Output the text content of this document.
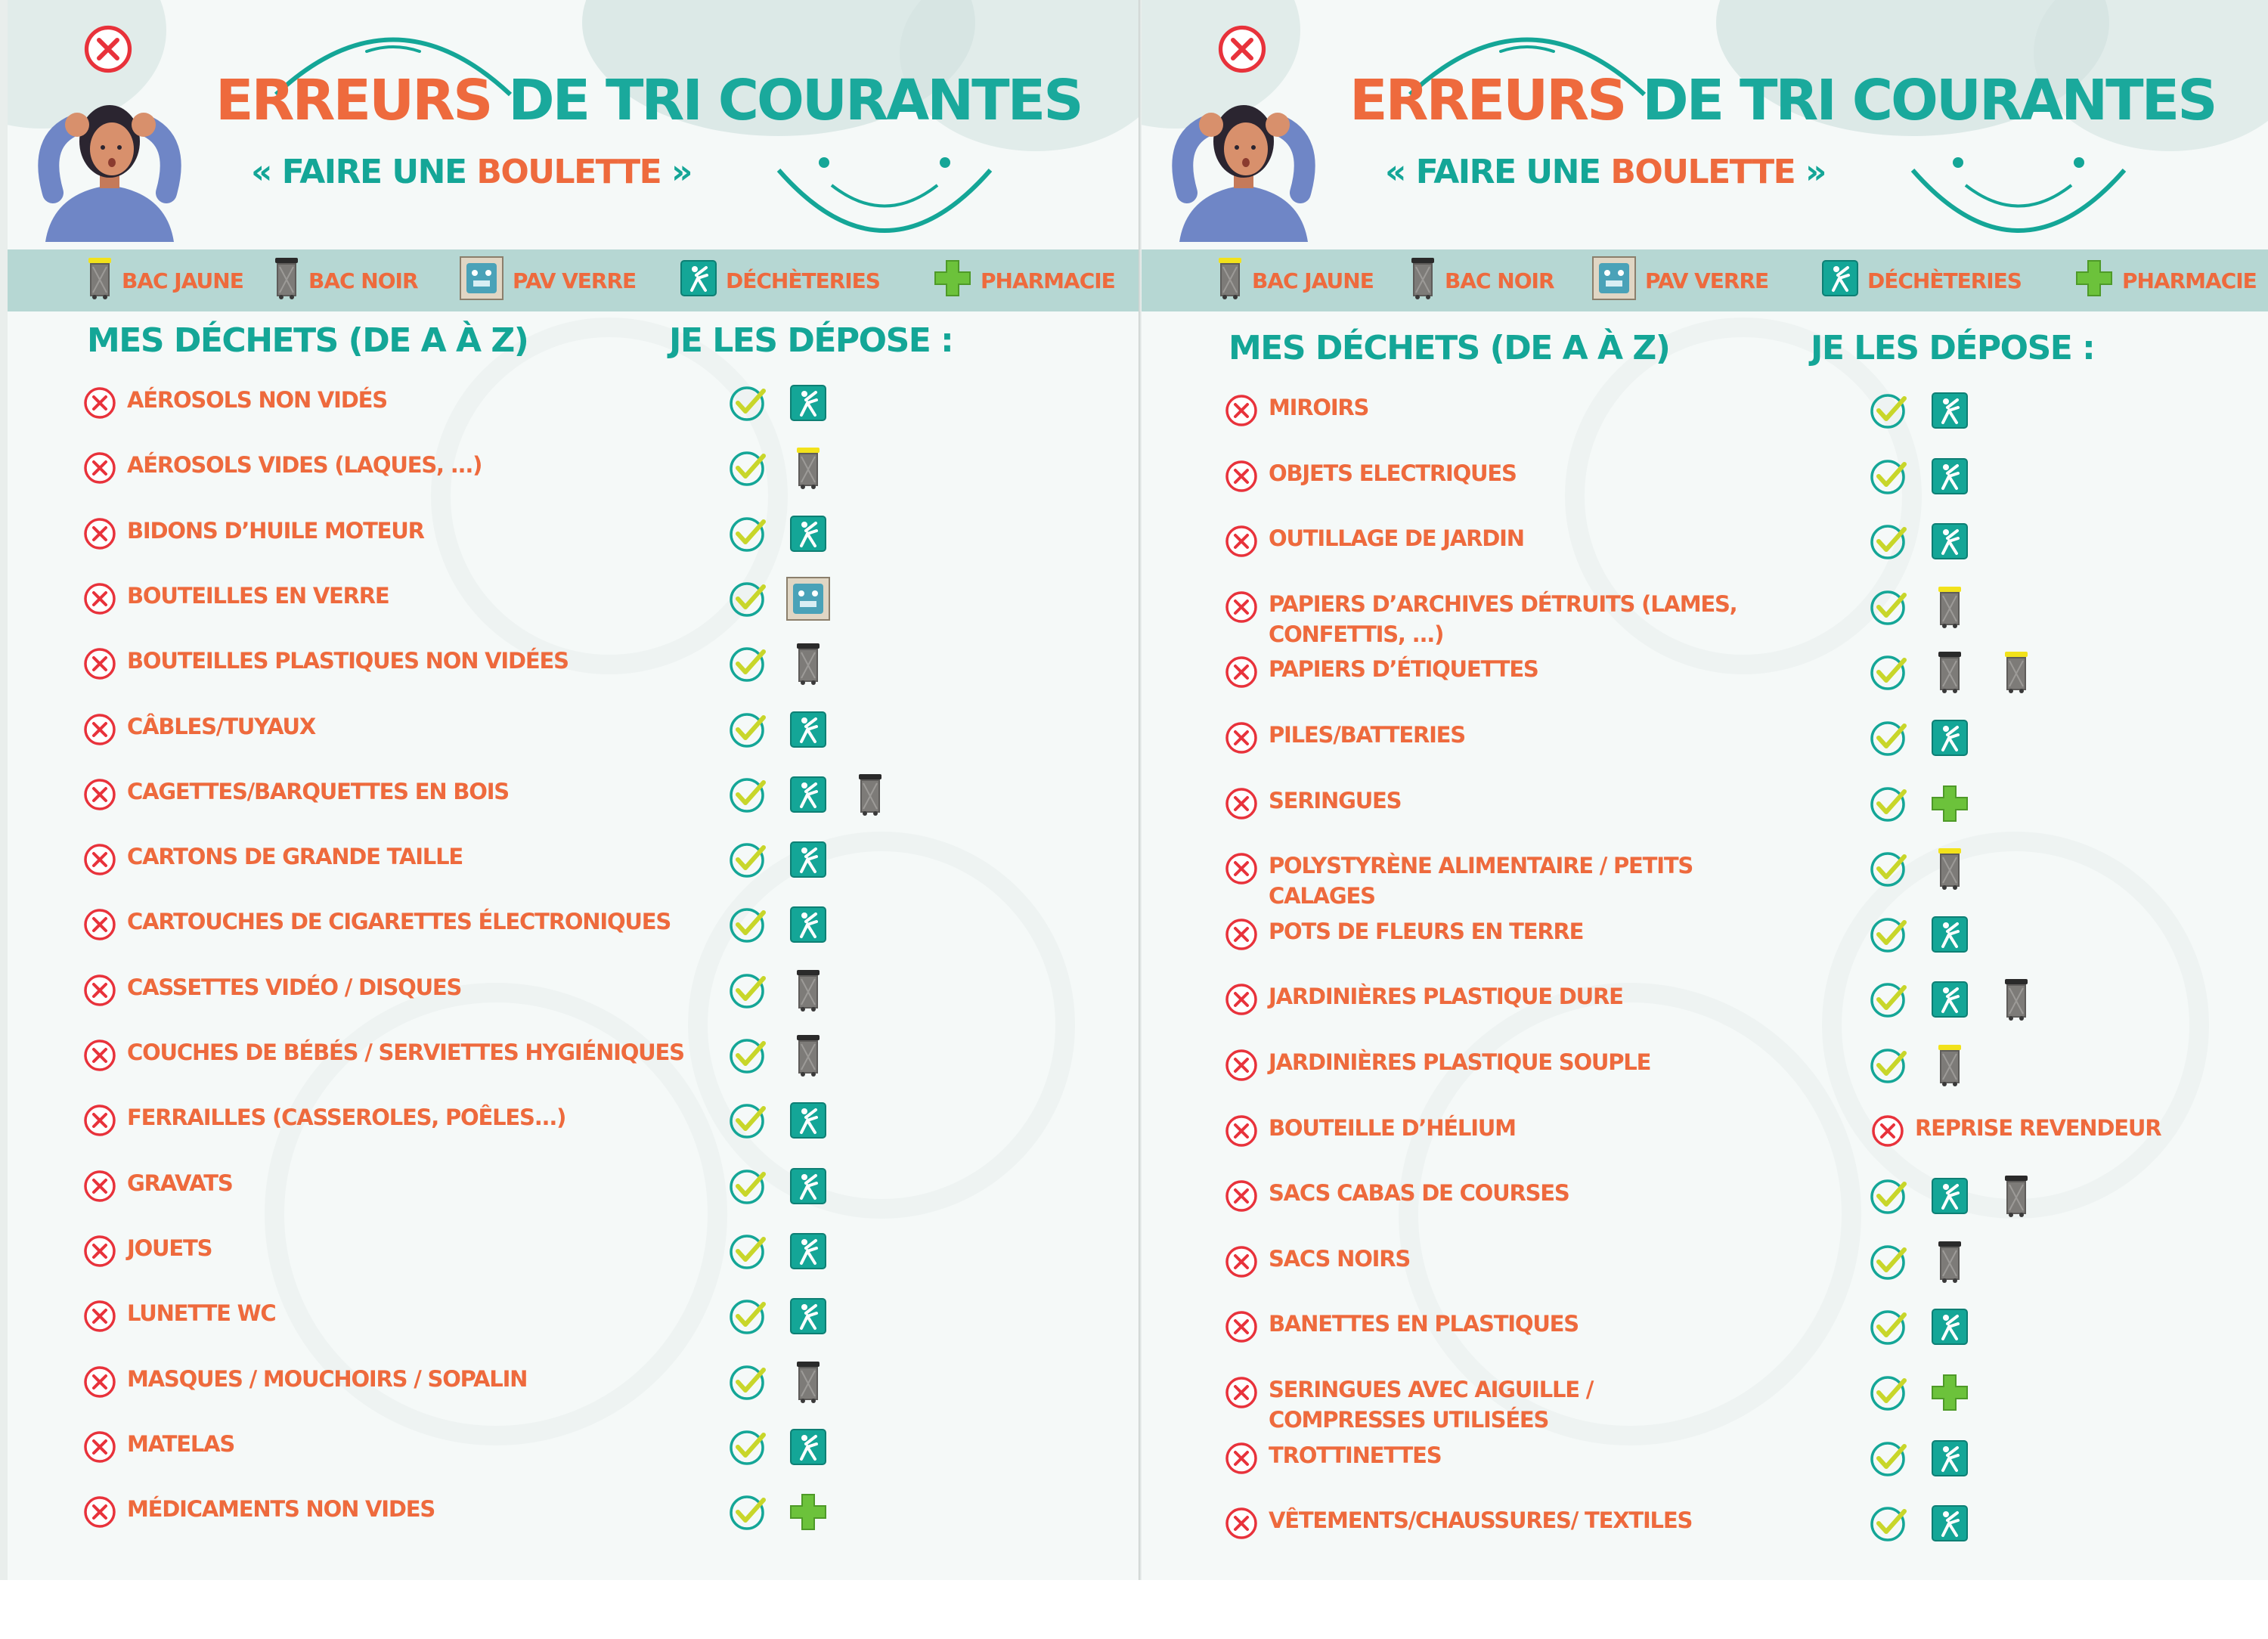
ERREURS DE TRI COURANTES
« FAIRE UNE BOULETTE »
BAC JAUNE	BAC NOIR	PAV VERRE	DÉCHÈTERIES	PHARMACIE
MES DÉCHETS (DE A À Z)	JE LES DÉPOSE :
AÉROSOLS NON VIDÉS
AÉROSOLS VIDES (LAQUES, ...)
BIDONS D’HUILE MOTEUR
BOUTEILLES EN VERRE
BOUTEILLES PLASTIQUES NON VIDÉES
CÂBLES/TUYAUX
CAGETTES/BARQUETTES EN BOIS
CARTONS DE GRANDE TAILLE
CARTOUCHES DE CIGARETTES ÉLECTRONIQUES
CASSETTES VIDÉO / DISQUES
COUCHES DE BÉBÉS / SERVIETTES HYGIÉNIQUES
FERRAILLES (CASSEROLES, POÊLES...)
GRAVATS
JOUETS
LUNETTE WC
MASQUES / MOUCHOIRS / SOPALIN
MATELAS
MÉDICAMENTS NON VIDES
ERREURS DE TRI COURANTES
« FAIRE UNE BOULETTE »
BAC JAUNE	BAC NOIR	PAV VERRE	DÉCHÈTERIES	PHARMACIE
MES DÉCHETS (DE A À Z)	JE LES DÉPOSE :
MIROIRS
OBJETS ELECTRIQUES
OUTILLAGE DE JARDIN
PAPIERS D’ARCHIVES DÉTRUITS (LAMES, CONFETTIS, ...)
PAPIERS D’ÉTIQUETTES
PILES/BATTERIES
SERINGUES
POLYSTYRÈNE ALIMENTAIRE / PETITS CALAGES
POTS DE FLEURS EN TERRE
JARDINIÈRES PLASTIQUE DURE
JARDINIÈRES PLASTIQUE SOUPLE
BOUTEILLE D’HÉLIUM	REPRISE REVENDEUR
SACS CABAS DE COURSES
SACS NOIRS
BANETTES EN PLASTIQUES
SERINGUES AVEC AIGUILLE / COMPRESSES UTILISÉES
TROTTINETTES
VÊTEMENTS/CHAUSSURES/ TEXTILES
